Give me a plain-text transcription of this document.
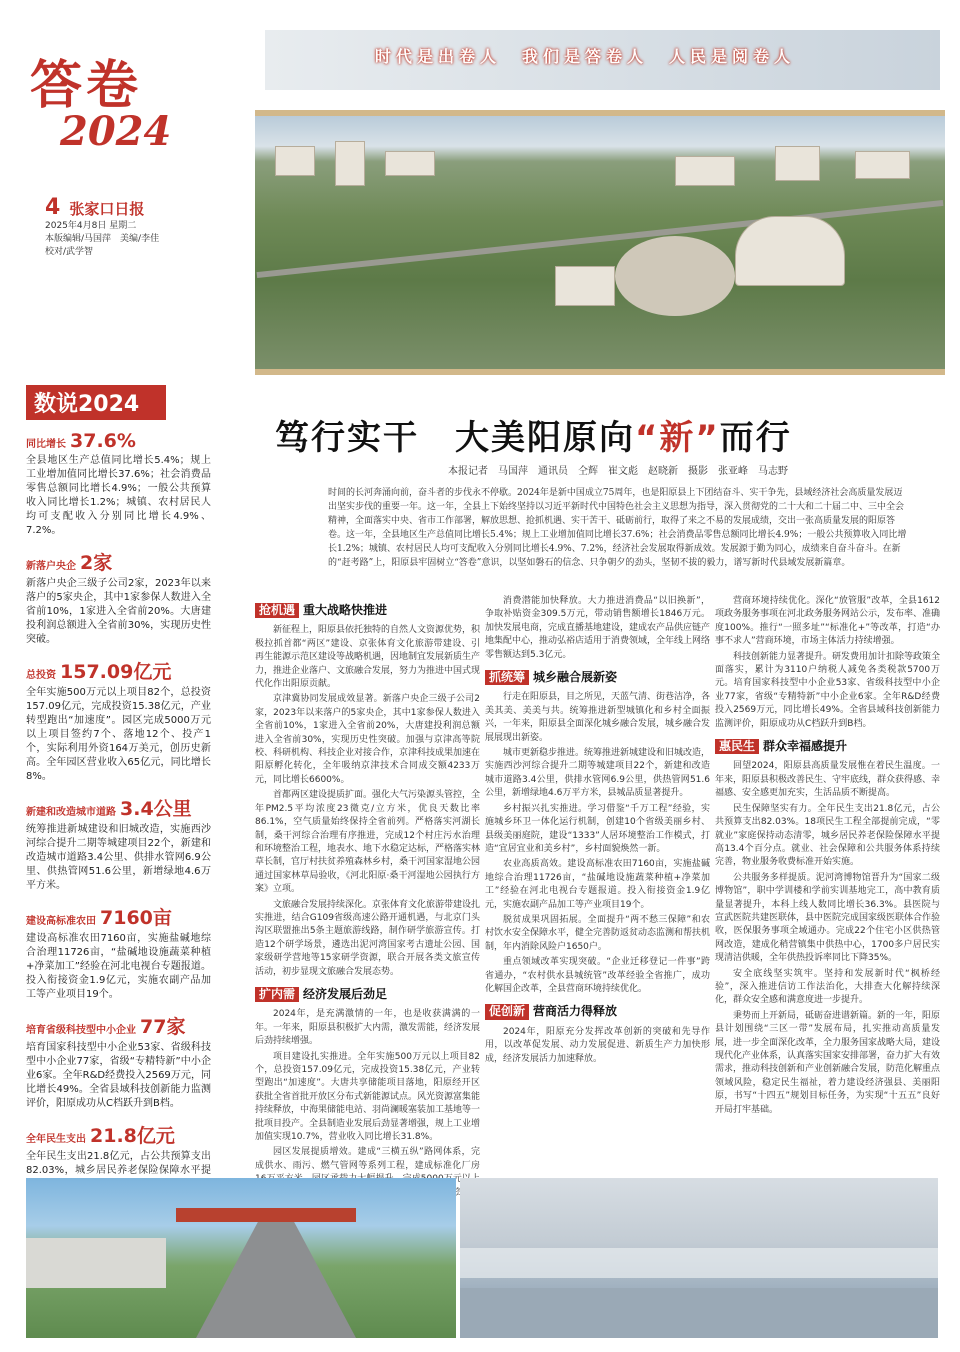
时代是出卷人　我们是答卷人　人民是阅卷人
答卷
2024
4 张家口日报
2025年4月8日 星期二
本版编辑/马国萍　美编/李佳
校对/武学智
数说2024
同比增长 37.6%
全县地区生产总值同比增长5.4%；规上工业增加值同比增长37.6%；社会消费品零售总额同比增长4.9%；一般公共预算收入同比增长1.2%；城镇、农村居民人均可支配收入分别同比增长4.9%、7.2%。
新落户央企 2家
新落户央企三级子公司2家，2023年以来落户的5家央企，其中1家参保人数进入全省前10%，1家进入全省前20%。大唐建投利润总额进入全省前30%，实现历史性突破。
总投资 157.09亿元
全年实施500万元以上项目82个，总投资157.09亿元，完成投资15.38亿元，产业转型跑出“加速度”。园区完成5000万元以上项目签约7个、落地12个、投产1个，实际利用外资164万美元，创历史新高。全年园区营业收入65亿元，同比增长8%。
新建和改造城市道路 3.4公里
统筹推进新城建设和旧城改造，实施西沙河综合提升二期等城建项目22个，新建和改造城市道路3.4公里、供排水管网6.9公里、供热管网51.6公里，新增绿地4.6万平方米。
建设高标准农田 7160亩
建设高标准农田7160亩，实施盐碱地综合治理11726亩，“盐碱地设施蔬菜种植+净菜加工”经验在河北电视台专题报道。投入衔接资金1.9亿元，实施农副产品加工等产业项目19个。
培育省级科技型中小企业 77家
培育国家科技型中小企业53家、省级科技型中小企业77家，省级“专精特新”中小企业6家。全年R&D经费投入2569万元，同比增长49%。全省县域科技创新能力监测评价，阳原成功从C档跃升到B档。
全年民生支出 21.8亿元
全年民生支出21.8亿元，占公共预算支出82.03%，城乡居民养老保险保障水平提
笃行实干　大美阳原向“新”而行
本报记者　马国萍　通讯员　仝辉　崔文彪　赵晓新　摄影　张亚峰　马志野
时间的长河奔涌向前，奋斗者的步伐永不停歇。2024年是新中国成立75周年，也是阳原县上下团结奋斗、实干争先，县域经济社会高质量发展迈出坚实步伐的重要一年。这一年，全县上下始终坚持以习近平新时代中国特色社会主义思想为指导，深入贯彻党的二十大和二十届二中、三中全会精神，全面落实中央、省市工作部署，解放思想、抢抓机遇、实干苦干、砥砺前行，取得了来之不易的发展成绩，交出一张高质量发展的阳原答卷。这一年，全县地区生产总值同比增长5.4%；规上工业增加值同比增长37.6%；社会消费品零售总额同比增长4.9%；一般公共预算收入同比增长1.2%；城镇、农村居民人均可支配收入分别同比增长4.9%、7.2%，经济社会发展取得新成效。发展源于勤为同心，成绩来自奋斗奋斗。在新的“赶考路”上，阳原县牢固树立“答卷”意识，以坚如磐石的信念、只争朝夕的劲头，坚韧不拔的毅力，谱写新时代县域发展新篇章。
抢机遇 重大战略快推进

新征程上，阳原县依托独特的自然人文资源优势，积极拉抓首都“两区”建设、京张体育文化旅游带建设、引再生能源示范区建设等战略机遇，因地制宜发展新质生产力，推进企业落户、文旅融合发展，努力为推进中国式现代化作出阳原贡献。

京津冀协同发展成效显著。新落户央企三级子公司2家，2023年以来落户的5家央企，其中1家参保人数进入全省前10%，1家进入全省前20%，大唐建投利润总额进入全省前30%，实现历史性突破。加强与京津高等院校、科研机构、科技企业对接合作，京津科技成果加速在阳原孵化转化，全年吸纳京津技术合同成交额4233万元，同比增长6600%。

首都两区建设提质扩面。强化大气污染源头管控，全年PM2.5平均浓度23微克/立方米，优良天数比率86.1%，空气质量始终保持全省前列。严格落实河湖长制，桑干河综合治理有序推进，完成12个村庄污水治理和环境整治工程，地表水、地下水稳定达标，严格落实林草长制，官厅村扶贫养殖森林乡村，桑干河国家湿地公园通过国家林草局验收，《河北阳原·桑干河湿地公园执行方案》立项。

文旅融合发展持续深化。京张体育文化旅游带建设扎实推进，结合G109省级高速公路开通机遇，与北京门头沟区联盟推出5条主题旅游线路，制作研学旅游宣传。打造12个研学场景，遴选出泥河湾国家考古遗址公园、国家级研学营地等15家研学资源，联合开展各类文旅宣传活动，初步显现文旅融合发展态势。

扩内需 经济发展后劲足

2024年，是充满激情的一年，也是收获满满的一年。一年来，阳原县积极扩大内需，激发需能，经济发展后劲持续增强。

项目建设扎实推进。全年实施500万元以上项目82个，总投资157.09亿元，完成投资15.38亿元，产业转型跑出“加速度”。大唐共享储能项目落地，阳原经开区获批全省首批开放区分布式新能源试点。风光资源富集能持续释放，中海果储能电站、羽尚澜暖塞装加工基地等一批项目投产。全县制造业发展后劲显著增强，规上工业增加值实现10.7%，营业收入同比增长31.8%。

园区发展提质增效。建成“三横五纵”路网体系，完成供水、雨污、燃气管网等系列工程，建成标准化厂房 元 资 ，

消费潜能加快释放。大力推进消费品“以旧换新”，争取补贴资金309.5万元，带动销售额增长1846万元。加快发展电商，完成直播基地建设，建成农产品供应链产地集配中心，推动弘裕店适用于消费领域，全年线上网络零售额达到5.3亿元。

抓统筹 城乡融合展新姿

行走在阳原县，目之所见，天蓝气清、街巷洁净，各美其美、美美与共。统筹推进新型城镇化和乡村全面振兴，一年来，阳原县全面深化城乡融合发展，城乡融合发展展现出新姿。

城市更新稳步推进。统筹推进新城建设和旧城改造，实施西沙河综合提升二期等城建项目22个，新建和改造城市道路3.4公里，供排水管网6.9公里，供热管网51.6公里，新增绿地4.6万平方米，县城品质显著提升。

乡村振兴扎实推进。学习借鉴“千万工程”经验，实施城乡环卫一体化运行机制，创建10个省级美丽乡村、县级美丽庭院，建设“1333”人居环境整治工作模式，打造“宜居宜业和美乡村”，乡村面貌焕然一新。

农业高质高效。建设高标准农田7160亩，实施盐碱地综合治理11726亩，“盐碱地设施蔬菜种植+净菜加工”经验在河北电视台专题报道。投入衔接资金1.9亿元，实施农副产品加工等产业项目19个。

脱贫成果巩固拓展。全面提升“两不愁三保障”和农村饮水安全保障水平，健全完善防返贫动态监测和帮扶机制，年内消除风险户1650户。

重点领域改革实现突破。“企业迁移登记一件事”跨省通办，“农村供水县城统管”改革经验全省推广，成功化解国企改革，全县营商环境持续优化。

促创新 营商活力得释放

2024年，阳原充分发挥改革创新的突破和先导作用，以改革促发展、动力发展促进、新质生产力加快形成，经济发展活力加速释放。

营商环境持续优化。深化“放管服”改革，全县1612项政务服务事项在河北政务服务网站公示，发布率、准确度100%。推行“一照多址”“标准化+”等改革，打造“办事不求人”营商环境，市场主体活力持续增强。

科技创新能力显著提升。研发费用加计扣除等政策全面落实，累计为3110户纳税人减免各类税款5700万元。培育国家科技型中小企业53家、省级科技型中小企业77家，省级“专精特新”中小企业6家。全年R&D经费投入2569万元，同比增长49%。全省县域科技创新能力监测评价，阳原成功从C档跃升到B档。

惠民生 群众幸福感提升

回望2024，阳原县高质量发展惟在着民生温度。一年来，阳原县积极改善民生、守牢底线，群众获得感、幸福感、安全感更加充实，生活品质不断提高。

民生保障坚实有力。全年民生支出21.8亿元，占公共预算支出82.03%。18项民生工程全部提前完成，“零就业”家庭保持动态清零，城乡居民养老保险保障水平提高13.4个百分点。就业、社会保障和公共服务体系持续完善，物业服务收费标准开始实施。

公共服务多样提质。泥河湾博物馆晋升为“国家二级博物馆”，职中学训楼和学前实训基地完工，高中教育质量显著提升，本科上线人数同比增长36.3%。县医院与宣武医院共建医联体，县中医院完成国家级医联体合作验收，医保服务事项全域通办。完成22个住宅小区供热管网改造，建成化稍营镇集中供热中心，1700多户居民实现清洁供暖，全年供热投诉率同比下降35%。

安全底线坚实筑牢。坚持和发展新时代“枫桥经验”，深入推进信访工作法治化，大排查大化解持续深化，群众安全感和满意度进一步提升。

秉势而上开新局，砥砺奋进谱新篇。新的一年，阳原县计划围绕“三区一带”发展布局，扎实推动高质量发展，进一步全面深化改革，全力服务国家战略大局，建设现代化产业体系，认真落实国家安排部署，奋力扩大有效需求，推动科技创新和产业创新融合发展，防范化解重点领域风险，稳定民生福祉，着力建设经济强县、美丽阳原，书写“十四五”规划目标任务，为实现“十五五”良好开局打牢基础。
